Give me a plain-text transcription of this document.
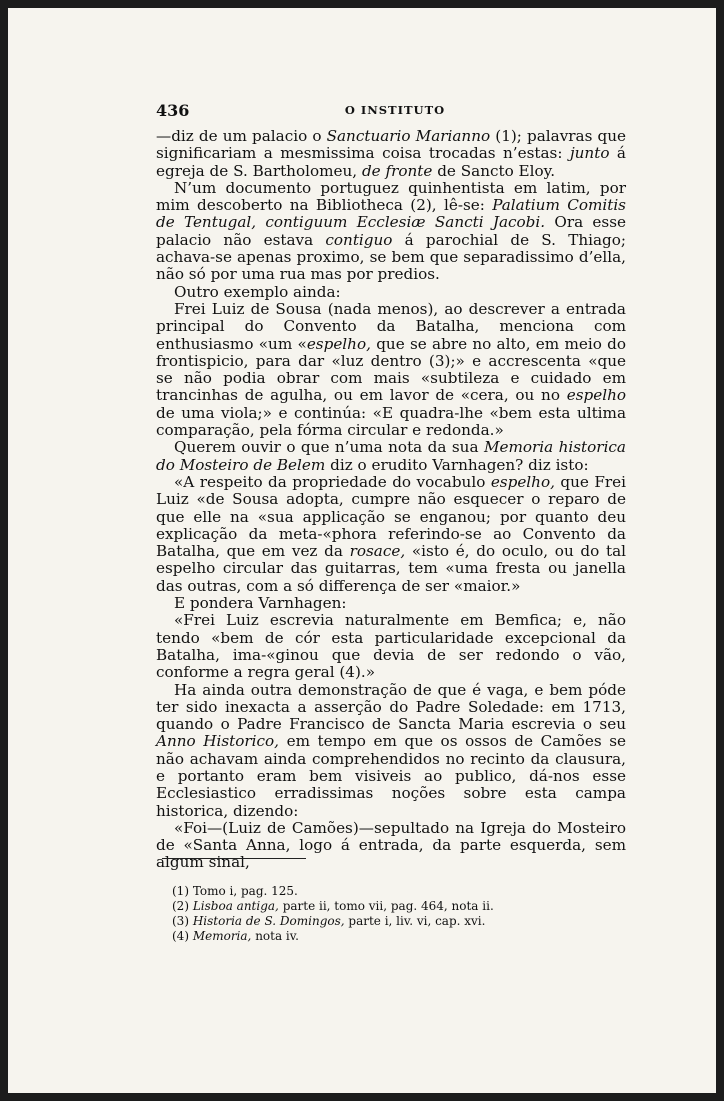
436	O INSTITUTO

—diz de um palacio o Sanctuario Marianno (1); palavras que significariam a mesmissima coisa trocadas n’estas: junto á egreja de S. Bartholomeu, de fronte de Sancto Eloy.

N’um documento portuguez quinhentista em latim, por mim descoberto na Bibliotheca (2), lê-se: Palatium Comitis de Tentugal, contiguum Ecclesiæ Sancti Jacobi. Ora esse palacio não estava contiguo á parochial de S. Thiago; achava-se apenas proximo, se bem que separadissimo d’ella, não só por uma rua mas por predios.

Outro exemplo ainda:

Frei Luiz de Sousa (nada menos), ao descrever a entrada principal do Convento da Batalha, menciona com enthusiasmo «um «espelho, que se abre no alto, em meio do frontispicio, para dar «luz dentro (3);» e accrescenta «que se não podia obrar com mais «subtileza e cuidado em trancinhas de agulha, ou em lavor de «cera, ou no espelho de uma viola;» e continúa: «E quadra-lhe «bem esta ultima comparação, pela fórma circular e redonda.»

Querem ouvir o que n’uma nota da sua Memoria historica do Mosteiro de Belem diz o erudito Varnhagen? diz isto:

«A respeito da propriedade do vocabulo espelho, que Frei Luiz «de Sousa adopta, cumpre não esquecer o reparo de que elle na «sua applicação se enganou; por quanto deu explicação da meta-«phora referindo-se ao Convento da Batalha, que em vez da rosace, «isto é, do oculo, ou do tal espelho circular das guitarras, tem «uma fresta ou janella das outras, com a só differença de ser «maior.»

E pondera Varnhagen:

«Frei Luiz escrevia naturalmente em Bemfica; e, não tendo «bem de cór esta particularidade excepcional da Batalha, ima-«ginou que devia de ser redondo o vão, conforme a regra geral (4).»

Ha ainda outra demonstração de que é vaga, e bem póde ter sido inexacta a asserção do Padre Soledade: em 1713, quando o Padre Francisco de Sancta Maria escrevia o seu Anno Historico, em tempo em que os ossos de Camões se não achavam ainda comprehendidos no recinto da clausura, e portanto eram bem visiveis ao publico, dá-nos esse Ecclesiastico erradissimas noções sobre esta campa historica, dizendo:

«Foi—(Luiz de Camões)—sepultado na Igreja do Mosteiro de «Santa Anna, logo á entrada, da parte esquerda, sem algum sinal,

(1) Tomo i, pag. 125.
(2) Lisboa antiga, parte ii, tomo vii, pag. 464, nota ii.
(3) Historia de S. Domingos, parte i, liv. vi, cap. xvi.
(4) Memoria, nota iv.
